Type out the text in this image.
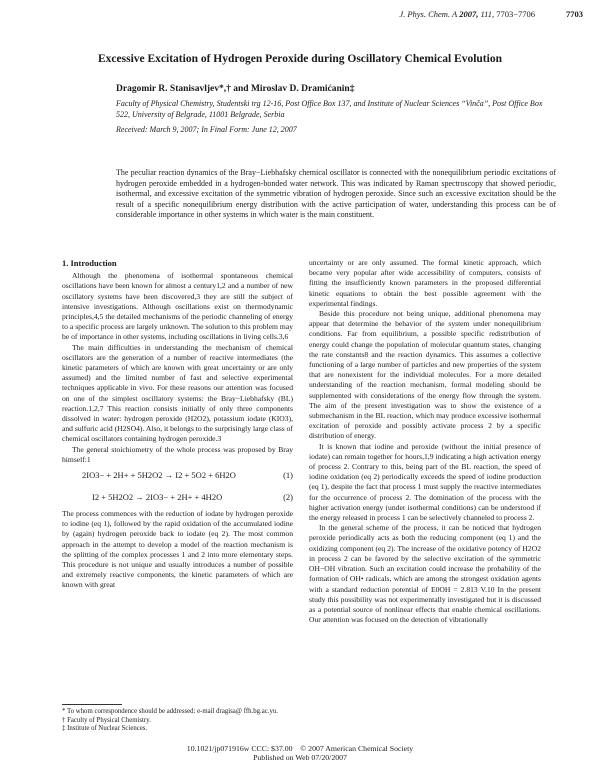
J. Phys. Chem. A 2007, 111, 7703−7706	7703
Excessive Excitation of Hydrogen Peroxide during Oscillatory Chemical Evolution
Dragomir R. Stanisavljev*,† and Miroslav D. Dramićanin‡
Faculty of Physical Chemistry, Studentski trg 12-16, Post Office Box 137, and Institute of Nuclear Sciences “Vinča”, Post Office Box 522, University of Belgrade, 11001 Belgrade, Serbia
Received: March 9, 2007; In Final Form: June 12, 2007
The peculiar reaction dynamics of the Bray−Liebhafsky chemical oscillator is connected with the nonequilibrium periodic excitations of hydrogen peroxide embedded in a hydrogen-bonded water network. This was indicated by Raman spectroscopy that showed periodic, isothermal, and excessive excitation of the symmetric vibration of hydrogen peroxide. Since such an excessive excitation should be the result of a specific nonequilibrium energy distribution with the active participation of water, understanding this process can be of considerable importance in other systems in which water is the main constituent.
1. Introduction

Although the phenomena of isothermal spontaneous chemical oscillations have been known for almost a century1,2 and a number of new oscillatory systems have been discovered,3 they are still the subject of intensive investigations. Although oscillations exist on thermodynamic principles,4,5 the detailed mechanisms of the periodic channeling of energy to a specific process are largely unknown. The solution to this problem may be of importance in other systems, including oscillations in living cells.3,6

The main difficulties in understanding the mechanism of chemical oscillators are the generation of a number of reactive intermediates (the kinetic parameters of which are known with great uncertainty or are only assumed) and the limited number of fast and selective experimental techniques applicable in vivo. For these reasons our attention was focused on one of the simplest oscillatory systems: the Bray−Liebhafsky (BL) reaction.1,2,7 This reaction consists initially of only three components dissolved in water: hydrogen peroxide (H2O2), potassium iodate (KIO3), and sulfuric acid (H2SO4). Also, it belongs to the surprisingly large class of chemical oscillators containing hydrogen peroxide.3

The general stoichiometry of the whole process was proposed by Bray himself:1

2IO3− + 2H+ + 5H2O2 → I2 + 5O2 + 6H2O	(1)
I2 + 5H2O2 → 2IO3− + 2H+ + 4H2O	(2)

The process commences with the reduction of iodate by hydrogen peroxide to iodine (eq 1), followed by the rapid oxidation of the accumulated iodine by (again) hydrogen peroxide back to iodate (eq 2). The most common approach in the attempt to develop a model of the reaction mechanism is the splitting of the complex processes 1 and 2 into more elementary steps. This procedure is not unique and usually introduces a number of possible and extremely reactive components, the kinetic parameters of which are known with great

uncertainty or are only assumed. The formal kinetic approach, which became very popular after wide accessibility of computers, consists of fitting the insufficiently known parameters in the proposed differential kinetic equations to obtain the best possible agreement with the experimental findings.

Beside this procedure not being unique, additional phenomena may appear that determine the behavior of the system under nonequilibrium conditions. Far from equilibrium, a possible specific redistribution of energy could change the population of molecular quantum states, changing the rate constants8 and the reaction dynamics. This assumes a collective functioning of a large number of particles and new properties of the system that are nonexistent for the individual molecules. For a more detailed understanding of the reaction mechanism, formal modeling should be supplemented with considerations of the energy flow through the system. The aim of the present investigation was to show the existence of a submechanism in the BL reaction, which may produce excessive isothermal excitation of peroxide and possibly activate process 2 by a specific distribution of energy.

It is known that iodine and peroxide (without the initial presence of iodate) can remain together for hours,1,9 indicating a high activation energy of process 2. Contrary to this, being part of the BL reaction, the speed of iodine oxidation (eq 2) periodically exceeds the speed of iodine production (eq 1), despite the fact that process 1 must supply the reactive intermediates for the occurrence of process 2. The domination of the process with the higher activation energy (under isothermal conditions) can be understood if the energy released in process 1 can be selectively channeled to process 2.

In the general scheme of the process, it can be noticed that hydrogen peroxide periodically acts as both the reducing component (eq 1) and the oxidizing component (eq 2). The increase of the oxidative potency of H2O2 in process 2 can be favored by the selective excitation of the symmetric OH−OH vibration. Such an excitation could increase the probability of the formation of OH• radicals, which are among the strongest oxidation agents with a standard reduction potential of E0OH = 2.813 V.10 In the present study this possibility was not experimentally investigated but it is discussed as a potential source of nonlinear effects that enable chemical oscillations. Our attention was focused on the detection of vibrationally

* To whom correspondence should be addressed: e-mail dragisa@ ffh.bg.ac.yu.
† Faculty of Physical Chemistry.
‡ Institute of Nuclear Sciences.
10.1021/jp071916w CCC: $37.00    © 2007 American Chemical Society
Published on Web 07/20/2007
